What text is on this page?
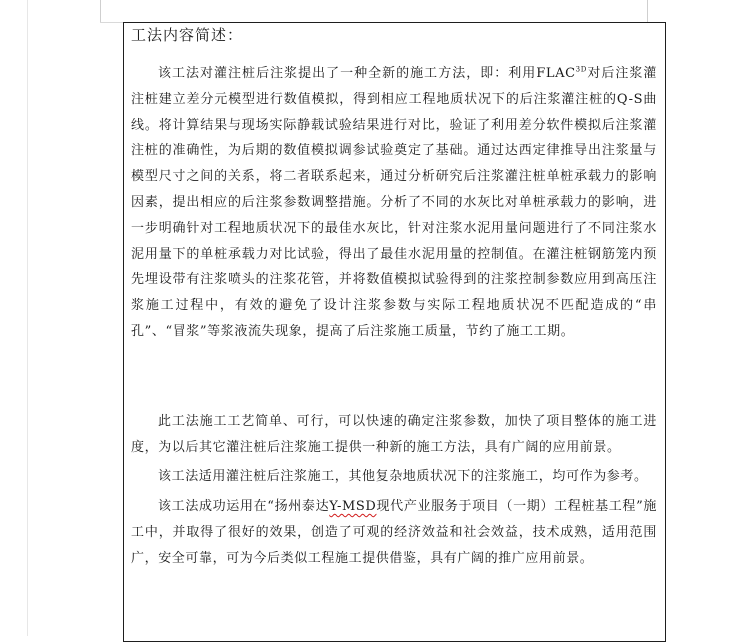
工法内容简述：

该工法对灌注桩后注浆提出了一种全新的施工方法，即：利用$FLAC^{3D}$对后注浆灌注桩建立差分元模型进行数值模拟，得到相应工程地质状况下的后注浆灌注桩的Q-S曲线。将计算结果与现场实际静载试验结果进行对比，验证了利用差分软件模拟后注浆灌注桩的准确性，为后期的数值模拟调参试验奠定了基础。通过达西定律推导出注浆量与模型尺寸之间的关系，将二者联系起来，通过分析研究后注浆灌注桩单桩承载力的影响因素，提出相应的后注浆参数调整措施。分析了不同的水灰比对单桩承载力的影响，进一步明确针对工程地质状况下的最佳水灰比，针对注浆水泥用量问题进行了不同注浆水泥用量下的单桩承载力对比试验，得出了最佳水泥用量的控制值。在灌注桩钢筋笼内预先埋设带有注浆喷头的注浆花管，并将数值模拟试验得到的注浆控制参数应用到高压注浆施工过程中，有效的避免了设计注浆参数与实际工程地质状况不匹配造成的“串孔”、“冒浆”等浆液流失现象，提高了后注浆施工质量，节约了施工工期。

此工法施工工艺简单、可行，可以快速的确定注浆参数，加快了项目整体的施工进度，为以后其它灌注桩后注浆施工提供一种新的施工方法，具有广阔的应用前景。

该工法适用灌注桩后注浆施工，其他复杂地质状况下的注浆施工，均可作为参考。

该工法成功运用在“扬州泰达Y-MSD现代产业服务于项目（一期）工程桩基工程”施工中，并取得了很好的效果，创造了可观的经济效益和社会效益，技术成熟，适用范围广，安全可靠，可为今后类似工程施工提供借鉴，具有广阔的推广应用前景。
